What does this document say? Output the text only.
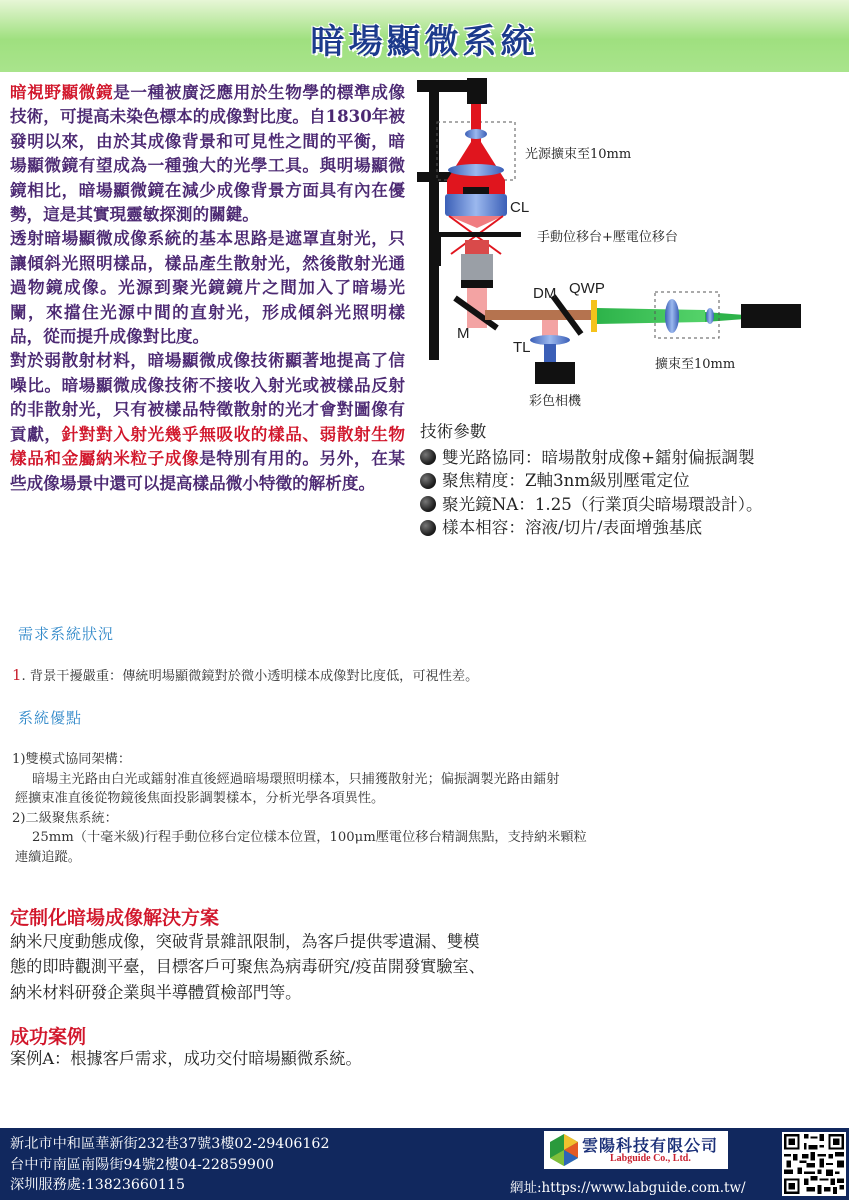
暗場顯微系統

暗視野顯微鏡是一種被廣泛應用於生物學的標準成像技術，可提高未染色標本的成像對比度。自1830年被發明以來，由於其成像背景和可見性之間的平衡，暗場顯微鏡有望成為一種強大的光學工具。與明場顯微鏡相比，暗場顯微鏡在減少成像背景方面具有內在優勢，這是其實現靈敏探測的關鍵。

透射暗場顯微成像系統的基本思路是遮罩直射光，只讓傾斜光照明樣品，樣品產生散射光，然後散射光通過物鏡成像。光源到聚光鏡鏡片之間加入了暗場光闌，來擋住光源中間的直射光，形成傾斜光照明樣品，從而提升成像對比度。

對於弱散射材料，暗場顯微成像技術顯著地提高了信噪比。暗場顯微成像技術不接收入射光或被樣品反射的非散射光，只有被樣品特徵散射的光才會對圖像有貢獻，針對對入射光幾乎無吸收的樣品、弱散射生物樣品和金屬納米粒子成像是特別有用的。另外，在某些成像場景中還可以提高樣品微小特徵的解析度。

光源擴束至10mm
CL
手動位移台+壓電位移台
DM QWP
M
TL
擴束至10mm
彩色相機
技術參數
雙光路協同：暗場散射成像+鐳射偏振調製
聚焦精度：Z軸3nm級別壓電定位
聚光鏡NA：1.25（行業頂尖暗場環設計）。
樣本相容：溶液/切片/表面增強基底
需求系統狀況
1. 背景干擾嚴重：傳統明場顯微鏡對於微小透明樣本成像對比度低，可視性差。
系統優點
1)雙模式協同架構：
暗場主光路由白光或鐳射准直後經過暗場環照明樣本，只捕獲散射光；偏振調製光路由鐳射
經擴束准直後從物鏡後焦面投影調製樣本，分析光學各項異性。
2)二級聚焦系統：
25mm（十毫米級)行程手動位移台定位樣本位置，100μm壓電位移台精調焦點，支持納米顆粒
連續追蹤。
定制化暗場成像解決方案
納米尺度動態成像，突破背景雜訊限制，為客戶提供零遺漏、雙模
態的即時觀測平臺，目標客戶可聚焦為病毒研究/疫苗開發實驗室、
納米材料研發企業與半導體質檢部門等。
成功案例
案例A：根據客戶需求，成功交付暗場顯微系統。
新北市中和區華新街232巷37號3樓02-29406162
台中市南區南陽街94號2樓04-22859900
深圳服務處:13823660115
雲陽科技有限公司
Labguide Co., Ltd.
網址:https://www.labguide.com.tw/
